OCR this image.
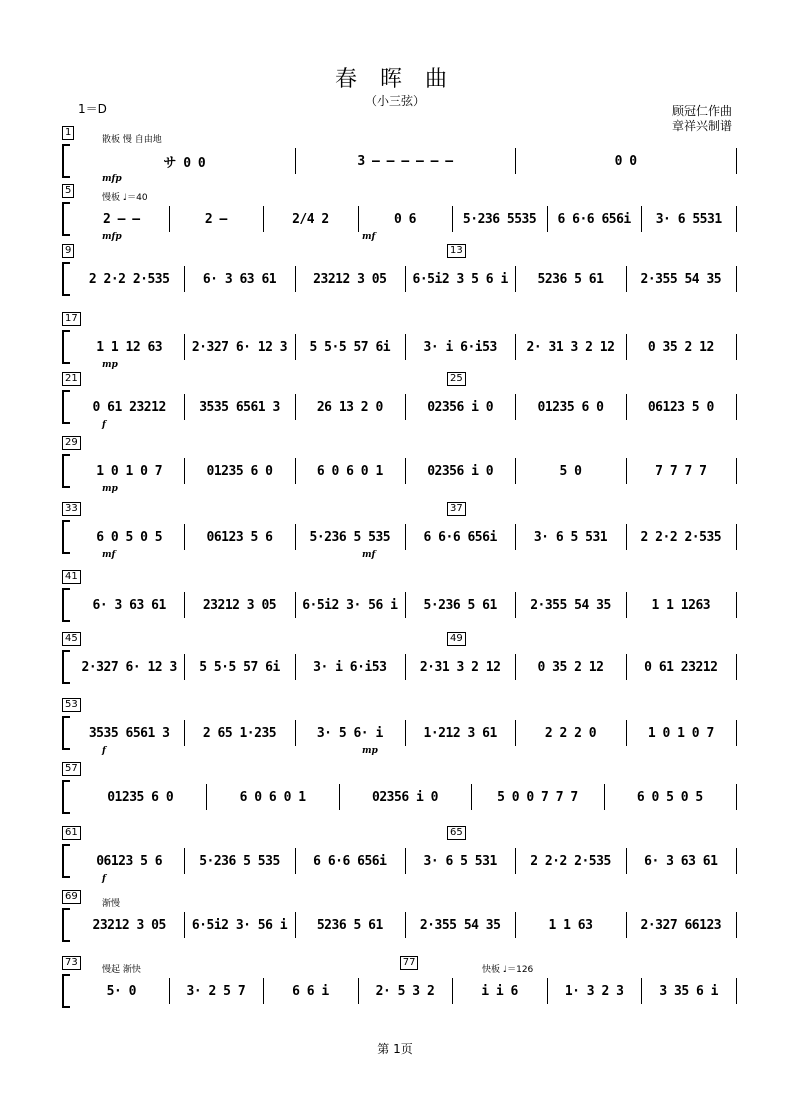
春 晖 曲
（小三弦）
1＝D	顾冠仁作曲
章祥兴制谱
1
サ 0 0	3 – – – – – –	0 0
mfp
散板 慢 自由地
5
2 – –	2 –	2/4 2	0 6	5·236 5535	6 6·6 656i	3· 6 5531
mfp	mf
慢板 ♩＝40
9
2 2·2 2·535	6· 3 63 61	23212 3 05	6·5i2 3 5 6 i	5236 5 61	2·355 54 35
13
17
1 1 12 63	2·327 6· 12 3	5 5·5 57 6i	3· i 6·i53	2· 31 3 2 12	0 35 2 12
mp
21
0 61 23212	3535 6561 3	26 13 2 0	02356 i 0	01235 6 0	06123 5 0
25
f
29
1 0 1 0 7	01235 6 0	6 0 6 0 1	02356 i 0	5 0	7 7 7 7
mp
33
6 0 5 0 5	06123 5 6	5·236 5 535	6 6·6 656i	3· 6 5 531	2 2·2 2·535
37
mf	mf
41
6· 3 63 61	23212 3 05	6·5i2 3· 56 i	5·236 5 61	2·355 54 35	1 1 1263
45
2·327 6· 12 3	5 5·5 57 6i	3· i 6·i53	2·31 3 2 12	0 35 2 12	0 61 23212
49
53
3535 6561 3	2 65 1·235	3· 5 6· i	1·212 3 61	2 2 2 0	1 0 1 0 7
f	mp
57
01235 6 0	6 0 6 0 1	02356 i 0	5 0 0 7 7 7	6 0 5 0 5
61
06123 5 6	5·236 5 535	6 6·6 656i	3· 6 5 531	2 2·2 2·535	6· 3 63 61
65
f
69
23212 3 05	6·5i2 3· 56 i	5236 5 61	2·355 54 35	1 1 63	2·327 66123
渐慢
73
5· 0	3· 2 5 7	6 6 i	2· 5 3 2	i i 6	1· 3 2 3	3 35 6 i
77
慢起 渐快	快板 ♩＝126
第 1页
